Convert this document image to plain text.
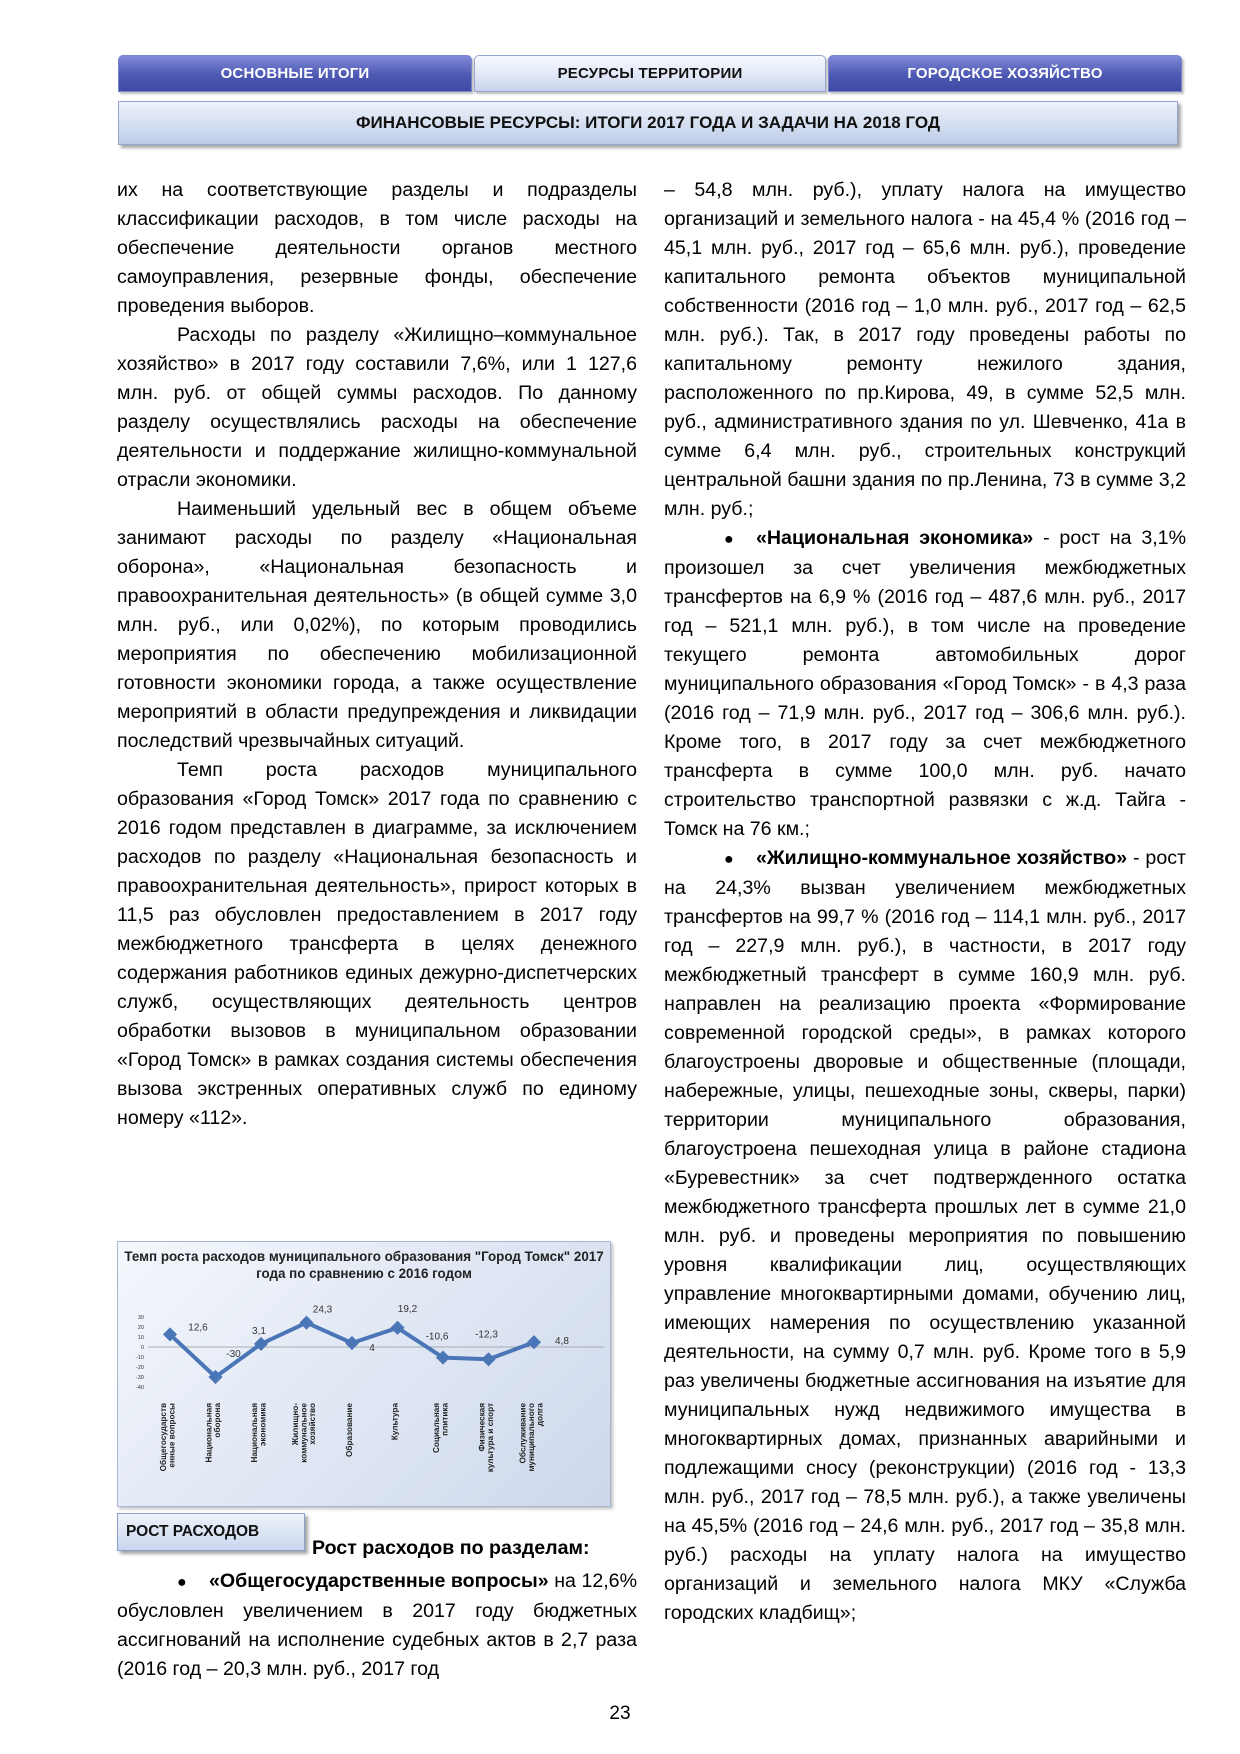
ОСНОВНЫЕ ИТОГИ	РЕСУРСЫ ТЕРРИТОРИИ	ГОРОДСКОЕ ХОЗЯЙСТВО
ФИНАНСОВЫЕ РЕСУРСЫ: ИТОГИ 2017 ГОДА И ЗАДАЧИ НА 2018 ГОД

их на соответствующие разделы и подразделы классификации расходов, в том числе расходы на обеспечение деятельности органов местного самоуправления, резервные фонды, обеспечение проведения выборов.

Расходы по разделу «Жилищно–коммунальное хозяйство» в 2017 году составили 7,6%, или 1 127,6 млн. руб. от общей суммы расходов. По данному разделу осуществлялись расходы на обеспечение деятельности и поддержание жилищно-коммунальной отрасли экономики.

Наименьший удельный вес в общем объеме занимают расходы по разделу «Национальная оборона», «Национальная безопасность и правоохранительная деятельность» (в общей сумме 3,0 млн. руб., или 0,02%), по которым проводились мероприятия по обеспечению мобилизационной готовности экономики города, а также осуществление мероприятий в области предупреждения и ликвидации последствий чрезвычайных ситуаций.

Темп роста расходов муниципального образования «Город Томск» 2017 года по сравнению с 2016 годом представлен в диаграмме, за исключением расходов по разделу «Национальная безопасность и правоохранительная деятельность», прирост которых в 11,5 раз обусловлен предоставлением в 2017 году межбюджетного трансферта в целях денежного содержания работников единых дежурно-диспетчерских служб, осуществляющих деятельность центров обработки вызовов в муниципальном образовании «Город Томск» в рамках создания системы обеспечения вызова экстренных оперативных служб по единому номеру «112».

Темп роста расходов муниципального образования "Город Томск" 2017 года по сравнению с 2016 годом
30
20
10
0
-10
-20
-30
-40
12,6
-30
3,1
24,3
4
19,2
-10,6	-12,3
4,8
Общегосударственные вопросы	Национальнаяоборона	Национальнаяэкономика	Жилищно-коммунальноехозяйство	Образование	Культура	Социальнаяплитика	Физическаякультура и спорт	Обслуживаниемуниципальногодолга
РОСТ РАСХОДОВ
Рост расходов по разделам:

● «Общегосударственные вопросы» на 12,6% обусловлен увеличением в 2017 году бюджетных ассигнований на исполнение судебных актов в 2,7 раза (2016 год – 20,3 млн. руб., 2017 год

– 54,8 млн. руб.), уплату налога на имущество организаций и земельного налога - на 45,4 % (2016 год – 45,1 млн. руб., 2017 год – 65,6 млн. руб.), проведение капитального ремонта объектов муниципальной собственности (2016 год – 1,0 млн. руб., 2017 год – 62,5 млн. руб.). Так, в 2017 году проведены работы по капитальному ремонту нежилого здания, расположенного по пр.Кирова, 49, в сумме 52,5 млн. руб., административного здания по ул. Шевченко, 41а в сумме 6,4 млн. руб., строительных конструкций центральной башни здания по пр.Ленина, 73 в сумме 3,2 млн. руб.;

● «Национальная экономика» - рост на 3,1% произошел за счет увеличения межбюджетных трансфертов на 6,9 % (2016 год – 487,6 млн. руб., 2017 год – 521,1 млн. руб.), в том числе на проведение текущего ремонта автомобильных дорог муниципального образования «Город Томск» - в 4,3 раза (2016 год – 71,9 млн. руб., 2017 год – 306,6 млн. руб.). Кроме того, в 2017 году за счет межбюджетного трансферта в сумме 100,0 млн. руб. начато строительство транспортной развязки с ж.д. Тайга - Томск на 76 км.;

● «Жилищно-коммунальное хозяйство» - рост на 24,3% вызван увеличением межбюджетных трансфертов на 99,7 % (2016 год – 114,1 млн. руб., 2017 год – 227,9 млн. руб.), в частности, в 2017 году межбюджетный трансферт в сумме 160,9 млн. руб. направлен на реализацию проекта «Формирование современной городской среды», в рамках которого благоустроены дворовые и общественные (площади, набережные, улицы, пешеходные зоны, скверы, парки) территории муниципального образования, благоустроена пешеходная улица в районе стадиона «Буревестник» за счет подтвержденного остатка межбюджетного трансферта прошлых лет в сумме 21,0 млн. руб. и проведены мероприятия по повышению уровня квалификации лиц, осуществляющих управление многоквартирными домами, обучению лиц, имеющих намерения по осуществлению указанной деятельности, на сумму 0,7 млн. руб. Кроме того в 5,9 раз увеличены бюджетные ассигнования на изъятие для муниципальных нужд недвижимого имущества в многоквартирных домах, признанных аварийными и подлежащими сносу (реконструкции) (2016 год - 13,3 млн. руб., 2017 год – 78,5 млн. руб.), а также увеличены на 45,5% (2016 год – 24,6 млн. руб., 2017 год – 35,8 млн. руб.) расходы на уплату налога на имущество организаций и земельного налога МКУ «Служба городских кладбищ»;

23
